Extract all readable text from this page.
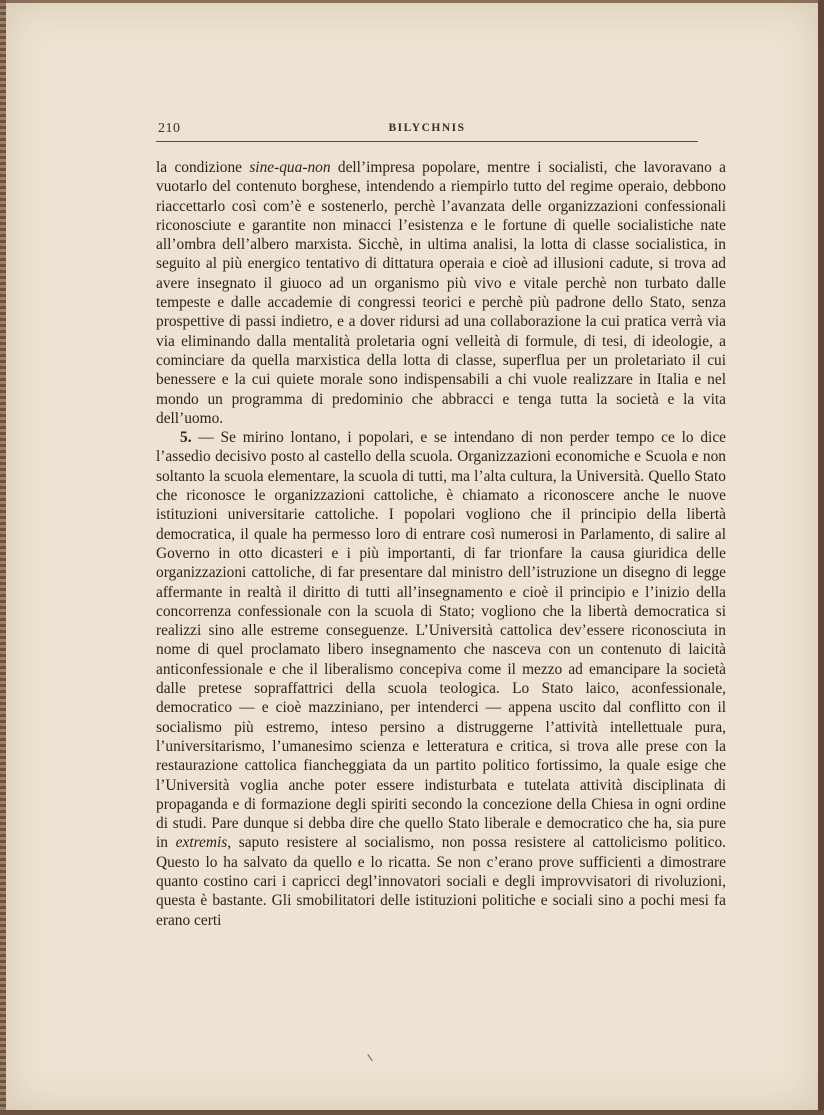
210	BILYCHNIS

la condizione sine-qua-non dell’impresa popolare, mentre i socialisti, che lavoravano a vuotarlo del contenuto borghese, intendendo a riempirlo tutto del regime operaio, debbono riaccettarlo così com’è e sostenerlo, perchè l’avanzata delle organizzazioni confessionali riconosciute e garantite non minacci l’esistenza e le fortune di quelle socialistiche nate all’ombra dell’albero marxista. Sicchè, in ultima analisi, la lotta di classe socialistica, in seguito al più energico tentativo di dittatura operaia e cioè ad illusioni cadute, si trova ad avere insegnato il giuoco ad un organismo più vivo e vitale perchè non turbato dalle tempeste e dalle accademie di congressi teorici e perchè più padrone dello Stato, senza prospettive di passi indietro, e a dover ridursi ad una collaborazione la cui pratica verrà via via eliminando dalla mentalità proletaria ogni velleità di formule, di tesi, di ideologie, a cominciare da quella marxistica della lotta di classe, superflua per un proletariato il cui benessere e la cui quiete morale sono indispensabili a chi vuole realizzare in Italia e nel mondo un programma di predominio che abbracci e tenga tutta la società e la vita dell’uomo.

5. — Se mirino lontano, i popolari, e se intendano di non perder tempo ce lo dice l’assedio decisivo posto al castello della scuola. Organizzazioni economiche e Scuola e non soltanto la scuola elementare, la scuola di tutti, ma l’alta cultura, la Università. Quello Stato che riconosce le organizzazioni cattoliche, è chiamato a riconoscere anche le nuove istituzioni universitarie cattoliche. I popolari vogliono che il principio della libertà democratica, il quale ha permesso loro di entrare così numerosi in Parlamento, di salire al Governo in otto dicasteri e i più importanti, di far trionfare la causa giuridica delle organizzazioni cattoliche, di far presentare dal ministro dell’istruzione un disegno di legge affermante in realtà il diritto di tutti all’insegnamento e cioè il principio e l’inizio della concorrenza confessionale con la scuola di Stato; vogliono che la libertà democratica si realizzi sino alle estreme conseguenze. L’Università cattolica dev’essere riconosciuta in nome di quel proclamato libero insegnamento che nasceva con un contenuto di laicità anticonfessionale e che il liberalismo concepiva come il mezzo ad emancipare la società dalle pretese sopraffattrici della scuola teologica. Lo Stato laico, aconfessionale, democratico — e cioè mazziniano, per intenderci — appena uscito dal conflitto con il socialismo più estremo, inteso persino a distruggerne l’attività intellettuale pura, l’universitarismo, l’umanesimo scienza e letteratura e critica, si trova alle prese con la restaurazione cattolica fiancheggiata da un partito politico fortissimo, la quale esige che l’Università voglia anche poter essere indisturbata e tutelata attività disciplinata di propaganda e di formazione degli spiriti secondo la concezione della Chiesa in ogni ordine di studi. Pare dunque si debba dire che quello Stato liberale e democratico che ha, sia pure in extremis, saputo resistere al socialismo, non possa resistere al cattolicismo politico. Questo lo ha salvato da quello e lo ricatta. Se non c’erano prove sufficienti a dimostrare quanto costino cari i capricci degl’innovatori sociali e degli improvvisatori di rivoluzioni, questa è bastante. Gli smobilitatori delle istituzioni politiche e sociali sino a pochi mesi fa erano certi
